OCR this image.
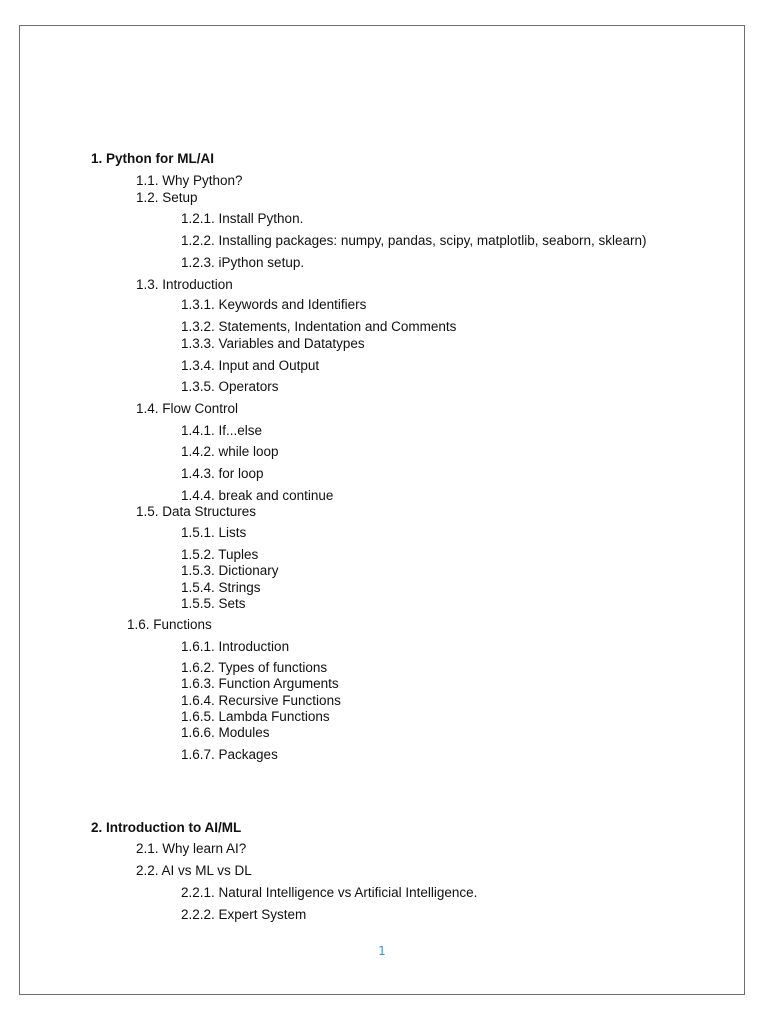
1. Python for ML/AI
1.1. Why Python?
1.2. Setup
1.2.1. Install Python.
1.2.2. Installing packages: numpy, pandas, scipy, matplotlib, seaborn, sklearn)
1.2.3. iPython setup.
1.3. Introduction
1.3.1. Keywords and Identifiers
1.3.2. Statements, Indentation and Comments
1.3.3. Variables and Datatypes
1.3.4. Input and Output
1.3.5. Operators
1.4. Flow Control
1.4.1. If...else
1.4.2. while loop
1.4.3. for loop
1.4.4. break and continue
1.5. Data Structures
1.5.1. Lists
1.5.2. Tuples
1.5.3. Dictionary
1.5.4. Strings
1.5.5. Sets
1.6. Functions
1.6.1. Introduction
1.6.2. Types of functions
1.6.3. Function Arguments
1.6.4. Recursive Functions
1.6.5. Lambda Functions
1.6.6. Modules
1.6.7. Packages
2. Introduction to AI/ML
2.1. Why learn AI?
2.2. AI vs ML vs DL
2.2.1. Natural Intelligence vs Artificial Intelligence.
2.2.2. Expert System
1
